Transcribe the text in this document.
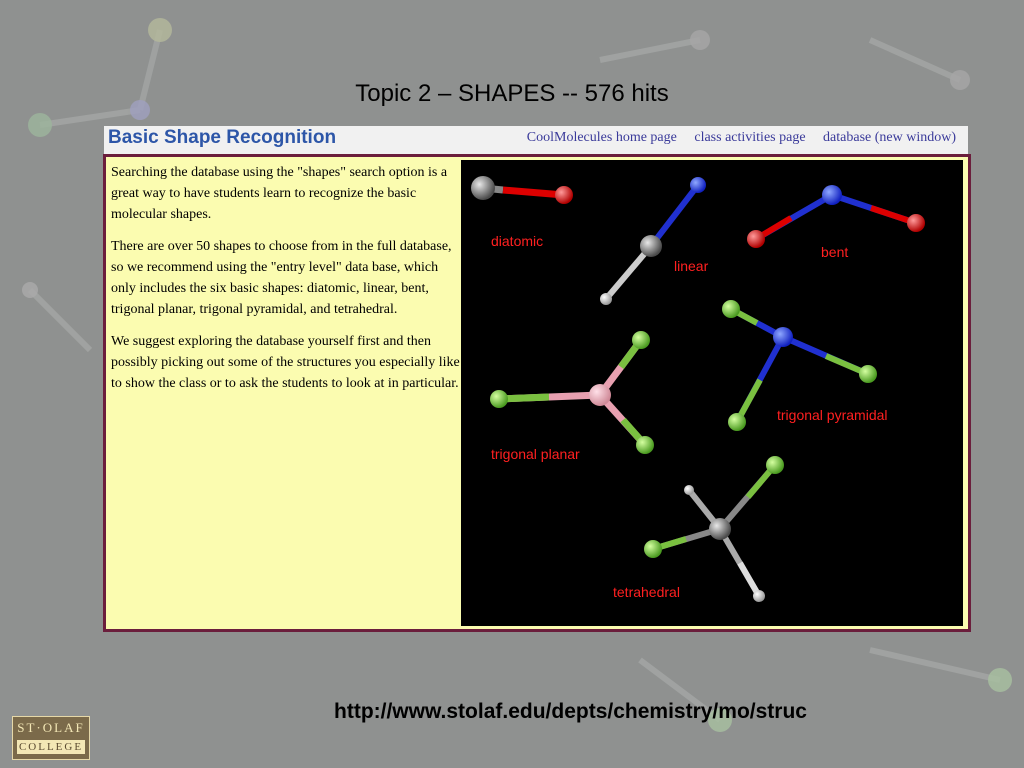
Topic 2 – SHAPES -- 576 hits
Basic Shape Recognition	CoolMolecules home page class activities page database (new window)

Searching the database using the "shapes" search option is a great way to have students learn to recognize the basic molecular shapes.

There are over 50 shapes to choose from in the full database, so we recommend using the "entry level" data base, which only includes the six basic shapes: diatomic, linear, bent, trigonal planar, trigonal pyramidal, and tetrahedral.

We suggest exploring the database yourself first and then possibly picking out some of the structures you especially like to show the class or to ask the students to look at in particular.

diatomic
linear
bent
trigonal planar
trigonal pyramidal
tetrahedral
http://www.stolaf.edu/depts/chemistry/mo/struc
ST·OLAF
COLLEGE
